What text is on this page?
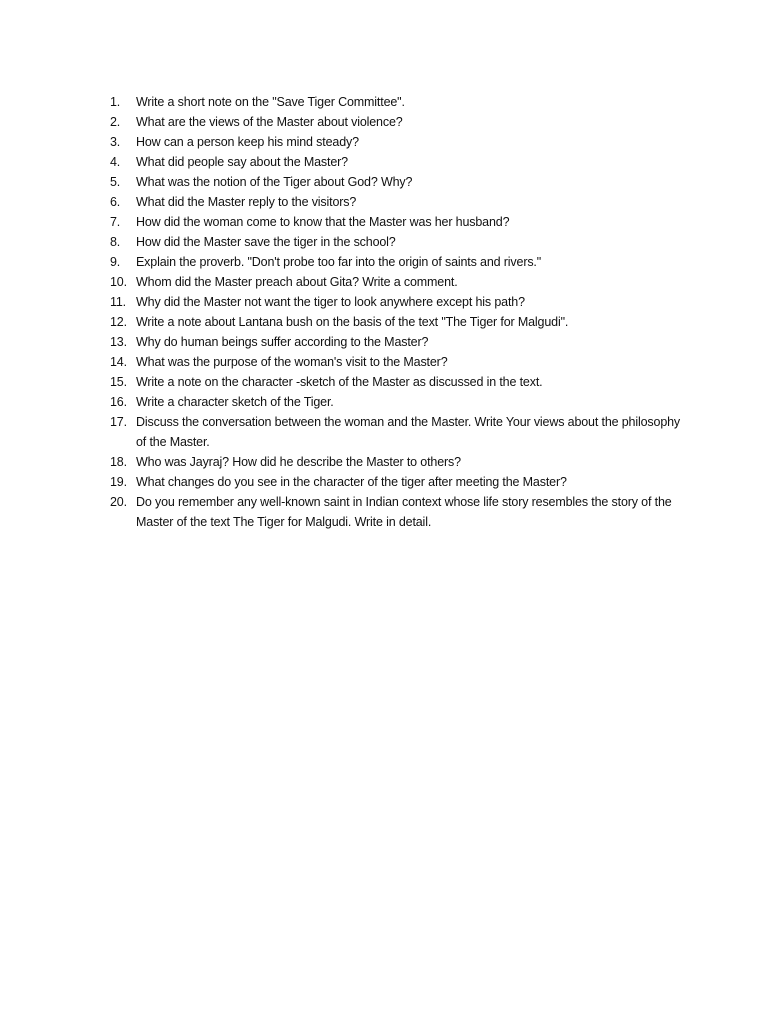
1.	Write a short note on the "Save Tiger Committee".
2.	What are the views of the Master about violence?
3.	How can a person keep his mind steady?
4.	What did people say about the Master?
5.	What was the notion of the Tiger about God? Why?
6.	What did the Master reply to the visitors?
7.	How did the woman come to know that the Master was her husband?
8.	How did the Master save the tiger in the school?
9.	Explain the proverb. "Don't probe too far into the origin of saints and rivers."
10. Whom did the Master preach about Gita? Write a comment.
11. Why did the Master not want the tiger to look anywhere except his path?
12. Write a note about Lantana bush on the basis of the text "The Tiger for Malgudi".
13. Why do human beings suffer according to the Master?
14. What was the purpose of the woman's visit to the Master?
15. Write a note on the character -sketch of the Master as discussed in the text.
16. Write a character sketch of the Tiger.
17. Discuss the conversation between the woman and the Master. Write Your views about the philosophy of the Master.
18. Who was Jayraj? How did he describe the Master to others?
19. What changes do you see in the character of the tiger after meeting the Master?
20. Do you remember any well-known saint in Indian context whose life story resembles the story of the Master of the text The Tiger for Malgudi. Write in detail.
